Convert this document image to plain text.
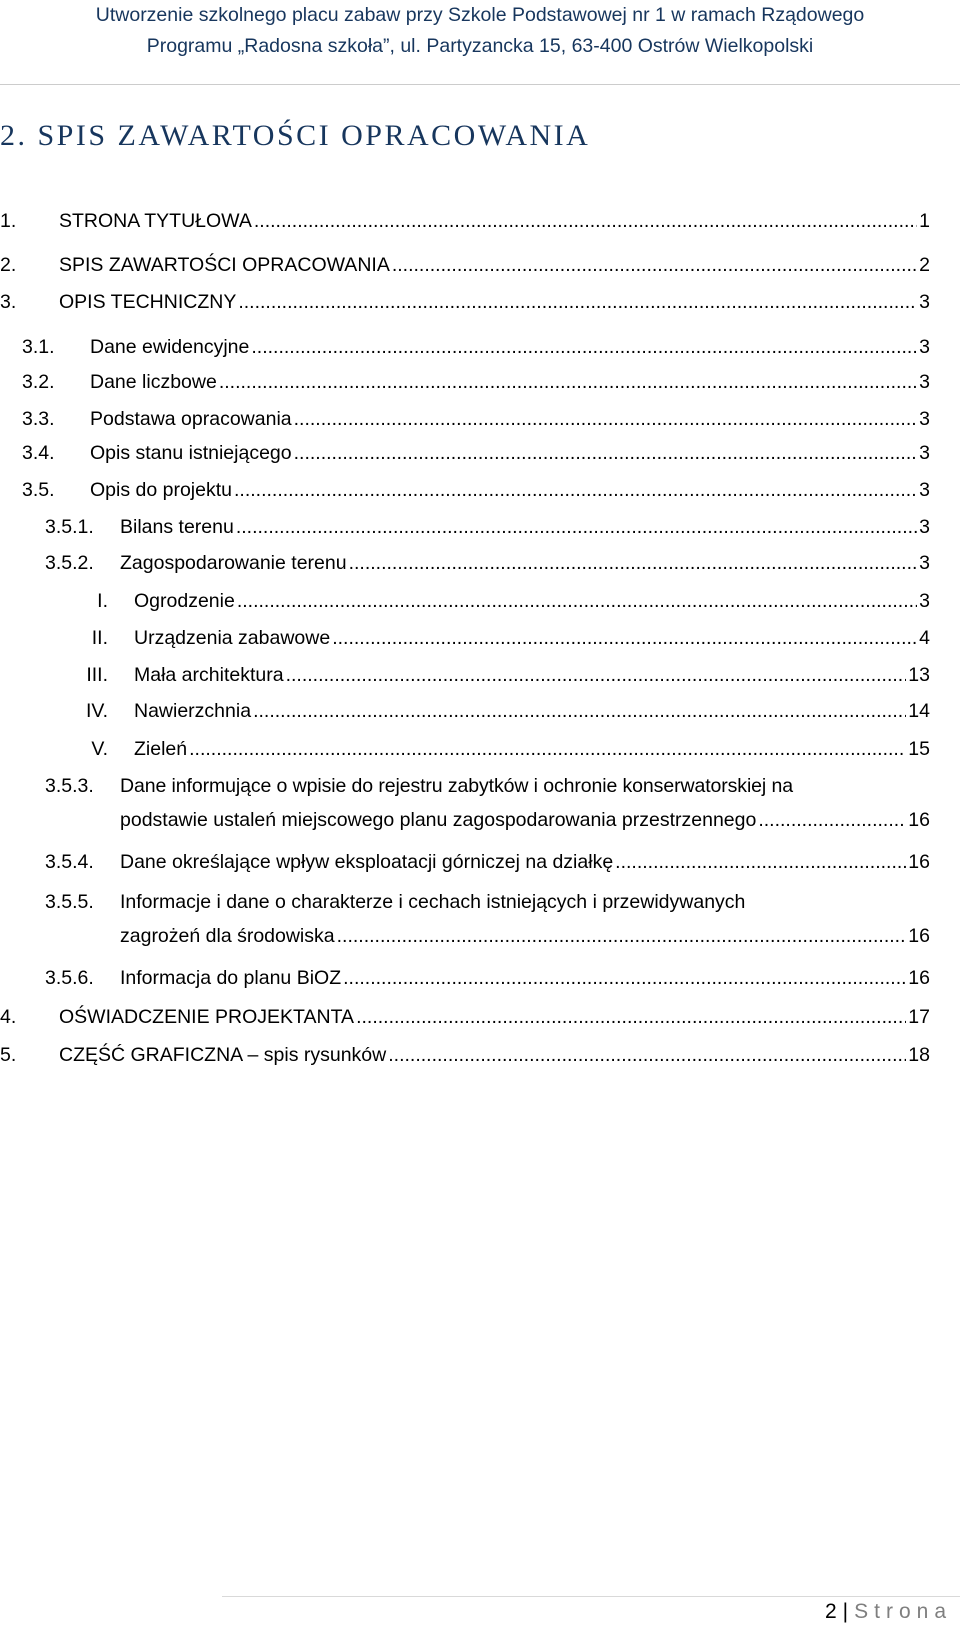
Utworzenie szkolnego placu zabaw przy Szkole Podstawowej nr 1 w ramach Rządowego
Programu „Radosna szkoła”, ul. Partyzancka 15, 63-400 Ostrów Wielkopolski
2. SPIS ZAWARTOŚCI OPRACOWANIA
1.	STRONA TYTUŁOWA .....	1
2.	SPIS ZAWARTOŚCI OPRACOWANIA .....	2
3.	OPIS TECHNICZNY .....	3
3.1.	Dane ewidencyjne .....	3
3.2.	Dane liczbowe .....	3
3.3.	Podstawa opracowania .....	3
3.4.	Opis stanu istniejącego .....	3
3.5.	Opis do projektu .....	3
3.5.1.	Bilans terenu .....	3
3.5.2.	Zagospodarowanie terenu .....	3
I.	Ogrodzenie .....	3
II.	Urządzenia zabawowe .....	4
III.	Mała architektura .....	13
IV.	Nawierzchnia .....	14
V.	Zieleń .....	15
3.5.3. Dane informujące o wpisie do rejestru zabytków i ochronie konserwatorskiej na
podstawie ustaleń miejscowego planu zagospodarowania przestrzennego .....	16
3.5.4.	Dane określające wpływ eksploatacji górniczej na działkę .....	16
3.5.5. Informacje i dane o charakterze i cechach istniejących i przewidywanych
zagrożeń dla środowiska .....	16
3.5.6.	Informacja do planu BiOZ .....	16
4.	OŚWIADCZENIE PROJEKTANTA .....	17
5.	CZĘŚĆ GRAFICZNA – spis rysunków .....	18
2 | Strona
